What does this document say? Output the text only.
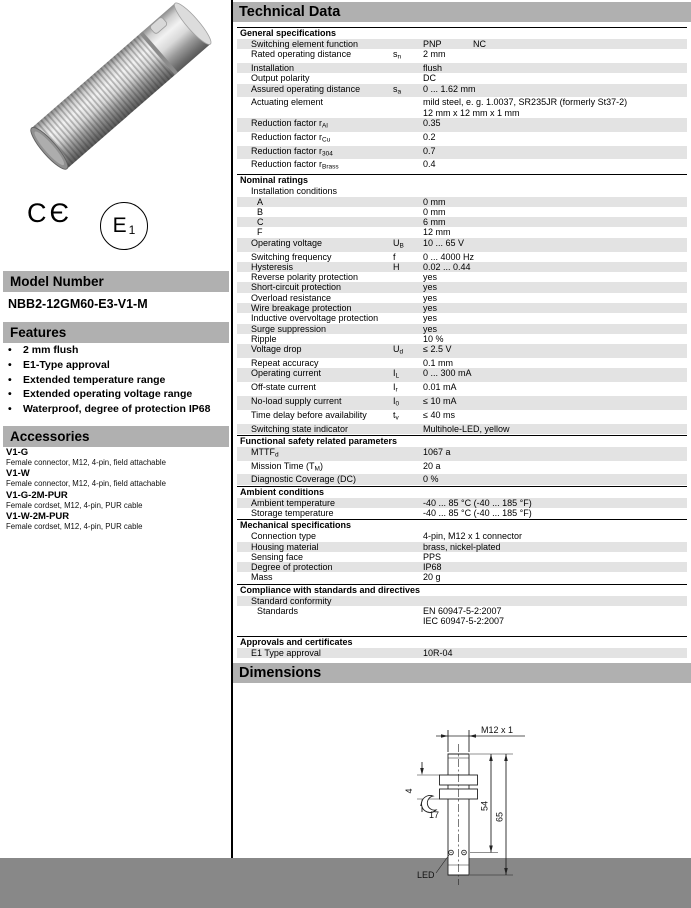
CЄ E 1
Model Number
NBB2-12GM60-E3-V1-M
Features
•	2 mm flush
•	E1-Type approval
•	Extended temperature range
•	Extended operating voltage range
•	Waterproof, degree of protection IP68
Accessories
V1-G
Female connector, M12, 4-pin, field attachable
V1-W
Female connector, M12, 4-pin, field attachable
V1-G-2M-PUR
Female cordset, M12, 4-pin, PUR cable
V1-W-2M-PUR
Female cordset, M12, 4-pin, PUR cable
Technical Data
General specifications
Switching element function	PNP	NC
Rated operating distance	sn	2 mm
Installation	flush
Output polarity	DC
Assured operating distance	sa	0 ... 1.62 mm
Actuating element	mild steel, e. g. 1.0037, SR235JR (formerly St37-2)
12 mm x 12 mm x 1 mm
Reduction factor rAl	0.35
Reduction factor rCu	0.2
Reduction factor r304	0.7
Reduction factor rBrass	0.4
Nominal ratings
Installation conditions
A	0 mm
B	0 mm
C	6 mm
F	12 mm
Operating voltage	UB	10 ... 65 V
Switching frequency	f	0 ... 4000 Hz
Hysteresis	H	0.02 ... 0.44
Reverse polarity protection	yes
Short-circuit protection	yes
Overload resistance	yes
Wire breakage protection	yes
Inductive overvoltage protection	yes
Surge suppression	yes
Ripple	10 %
Voltage drop	Ud	≤ 2.5 V
Repeat accuracy	0.1 mm
Operating current	IL	0 ... 300 mA
Off-state current	Ir	0.01 mA
No-load supply current	I0	≤ 10 mA
Time delay before availability	tv	≤ 40 ms
Switching state indicator	Multihole-LED, yellow
Functional safety related parameters
MTTFd	1067 a
Mission Time (TM)	20 a
Diagnostic Coverage (DC)	0 %
Ambient conditions
Ambient temperature	-40 ... 85 °C (-40 ... 185 °F)
Storage temperature	-40 ... 85 °C (-40 ... 185 °F)
Mechanical specifications
Connection type	4-pin, M12 x 1 connector
Housing material	brass, nickel-plated
Sensing face	PPS
Degree of protection	IP68
Mass	20 g
Compliance with standards and directives
Standard conformity
Standards	EN 60947-5-2:2007
IEC 60947-5-2:2007
Approvals and certificates
E1 Type approval	10R-04
Dimensions
M12 x 1
4
17
54
65
LED
